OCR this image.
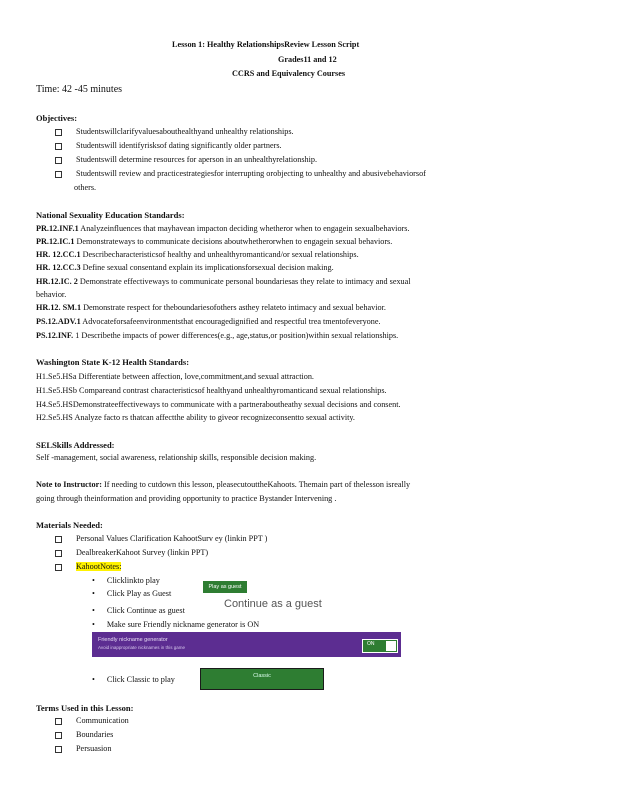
Lesson 1: Healthy RelationshipsReview Lesson Script
Grades11 and 12
CCRS and Equivalency Courses
Time: 42 -45 minutes
Objectives:
Studentswillclarifyvaluesabouthealthyand unhealthy relationships.
Studentswill identifyrisksof dating significantly older partners.
Studentswill determine resources for aperson in an unhealthyrelationship.
Studentswill review and practicestrategiesfor interrupting orobjecting to unhealthy and abusivebehaviorsof
others.
National Sexuality Education Standards:
PR.12.INF.1 Analyzeinfluences that mayhavean impacton deciding whetheror when to engagein sexualbehaviors.
PR.12.IC.1 Demonstrateways to communicate decisions aboutwhetherorwhen to engagein sexual behaviors.
HR. 12.CC.1 Describecharacteristicsof healthy and unhealthyromanticand/or sexual relationships.
HR. 12.CC.3 Define sexual consentand explain its implicationsforsexual decision making.
HR.12.IC. 2 Demonstrate effectiveways to communicate personal boundariesas they relate to intimacy and sexual
behavior.
HR.12. SM.1 Demonstrate respect for theboundariesofothers asthey relateto intimacy and sexual behavior.
PS.12.ADV.1 Advocateforsafeenvironmentsthat encouragedignified and respectful trea tmentofeveryone.
PS.12.INF. 1 Describethe impacts of power differences(e.g., age,status,or position)within sexual relationships.
Washington State K-12 Health Standards:
H1.Se5.HSa Differentiate between affection, love,commitment,and sexual attraction.
H1.Se5.HSb Compareand contrast characteristicsof healthyand unhealthyromanticand sexual relationships.
H4.Se5.HSDemonstrateeffectiveways to communicate with a partneraboutheathy sexual decisions and consent.
H2.Se5.HS Analyze facto rs thatcan affectthe ability to giveor recognizeconsentto sexual activity.
SELSkills Addressed:
Self -management, social awareness, relationship skills, responsible decision making.
Note to Instructor: If needing to cutdown this lesson, pleasecutouttheKahoots. Themain part of thelesson isreally
going through theinformation and providing opportunity to practice Bystander Intervening .
Materials Needed:
Personal Values Clarification KahootSurv ey (linkin PPT )
DealbreakerKahoot Survey (linkin PPT)
KahootNotes:
• Clicklinkto play
• Click Play as Guest
Play as guest
• Click Continue as guest
Continue as a guest
• Make sure Friendly nickname generator is ON
Friendly nickname generator
Avoid inappropriate nicknames in this game
ON
• Click Classic to play	Classic
Terms Used in this Lesson:
Communication
Boundaries
Persuasion
